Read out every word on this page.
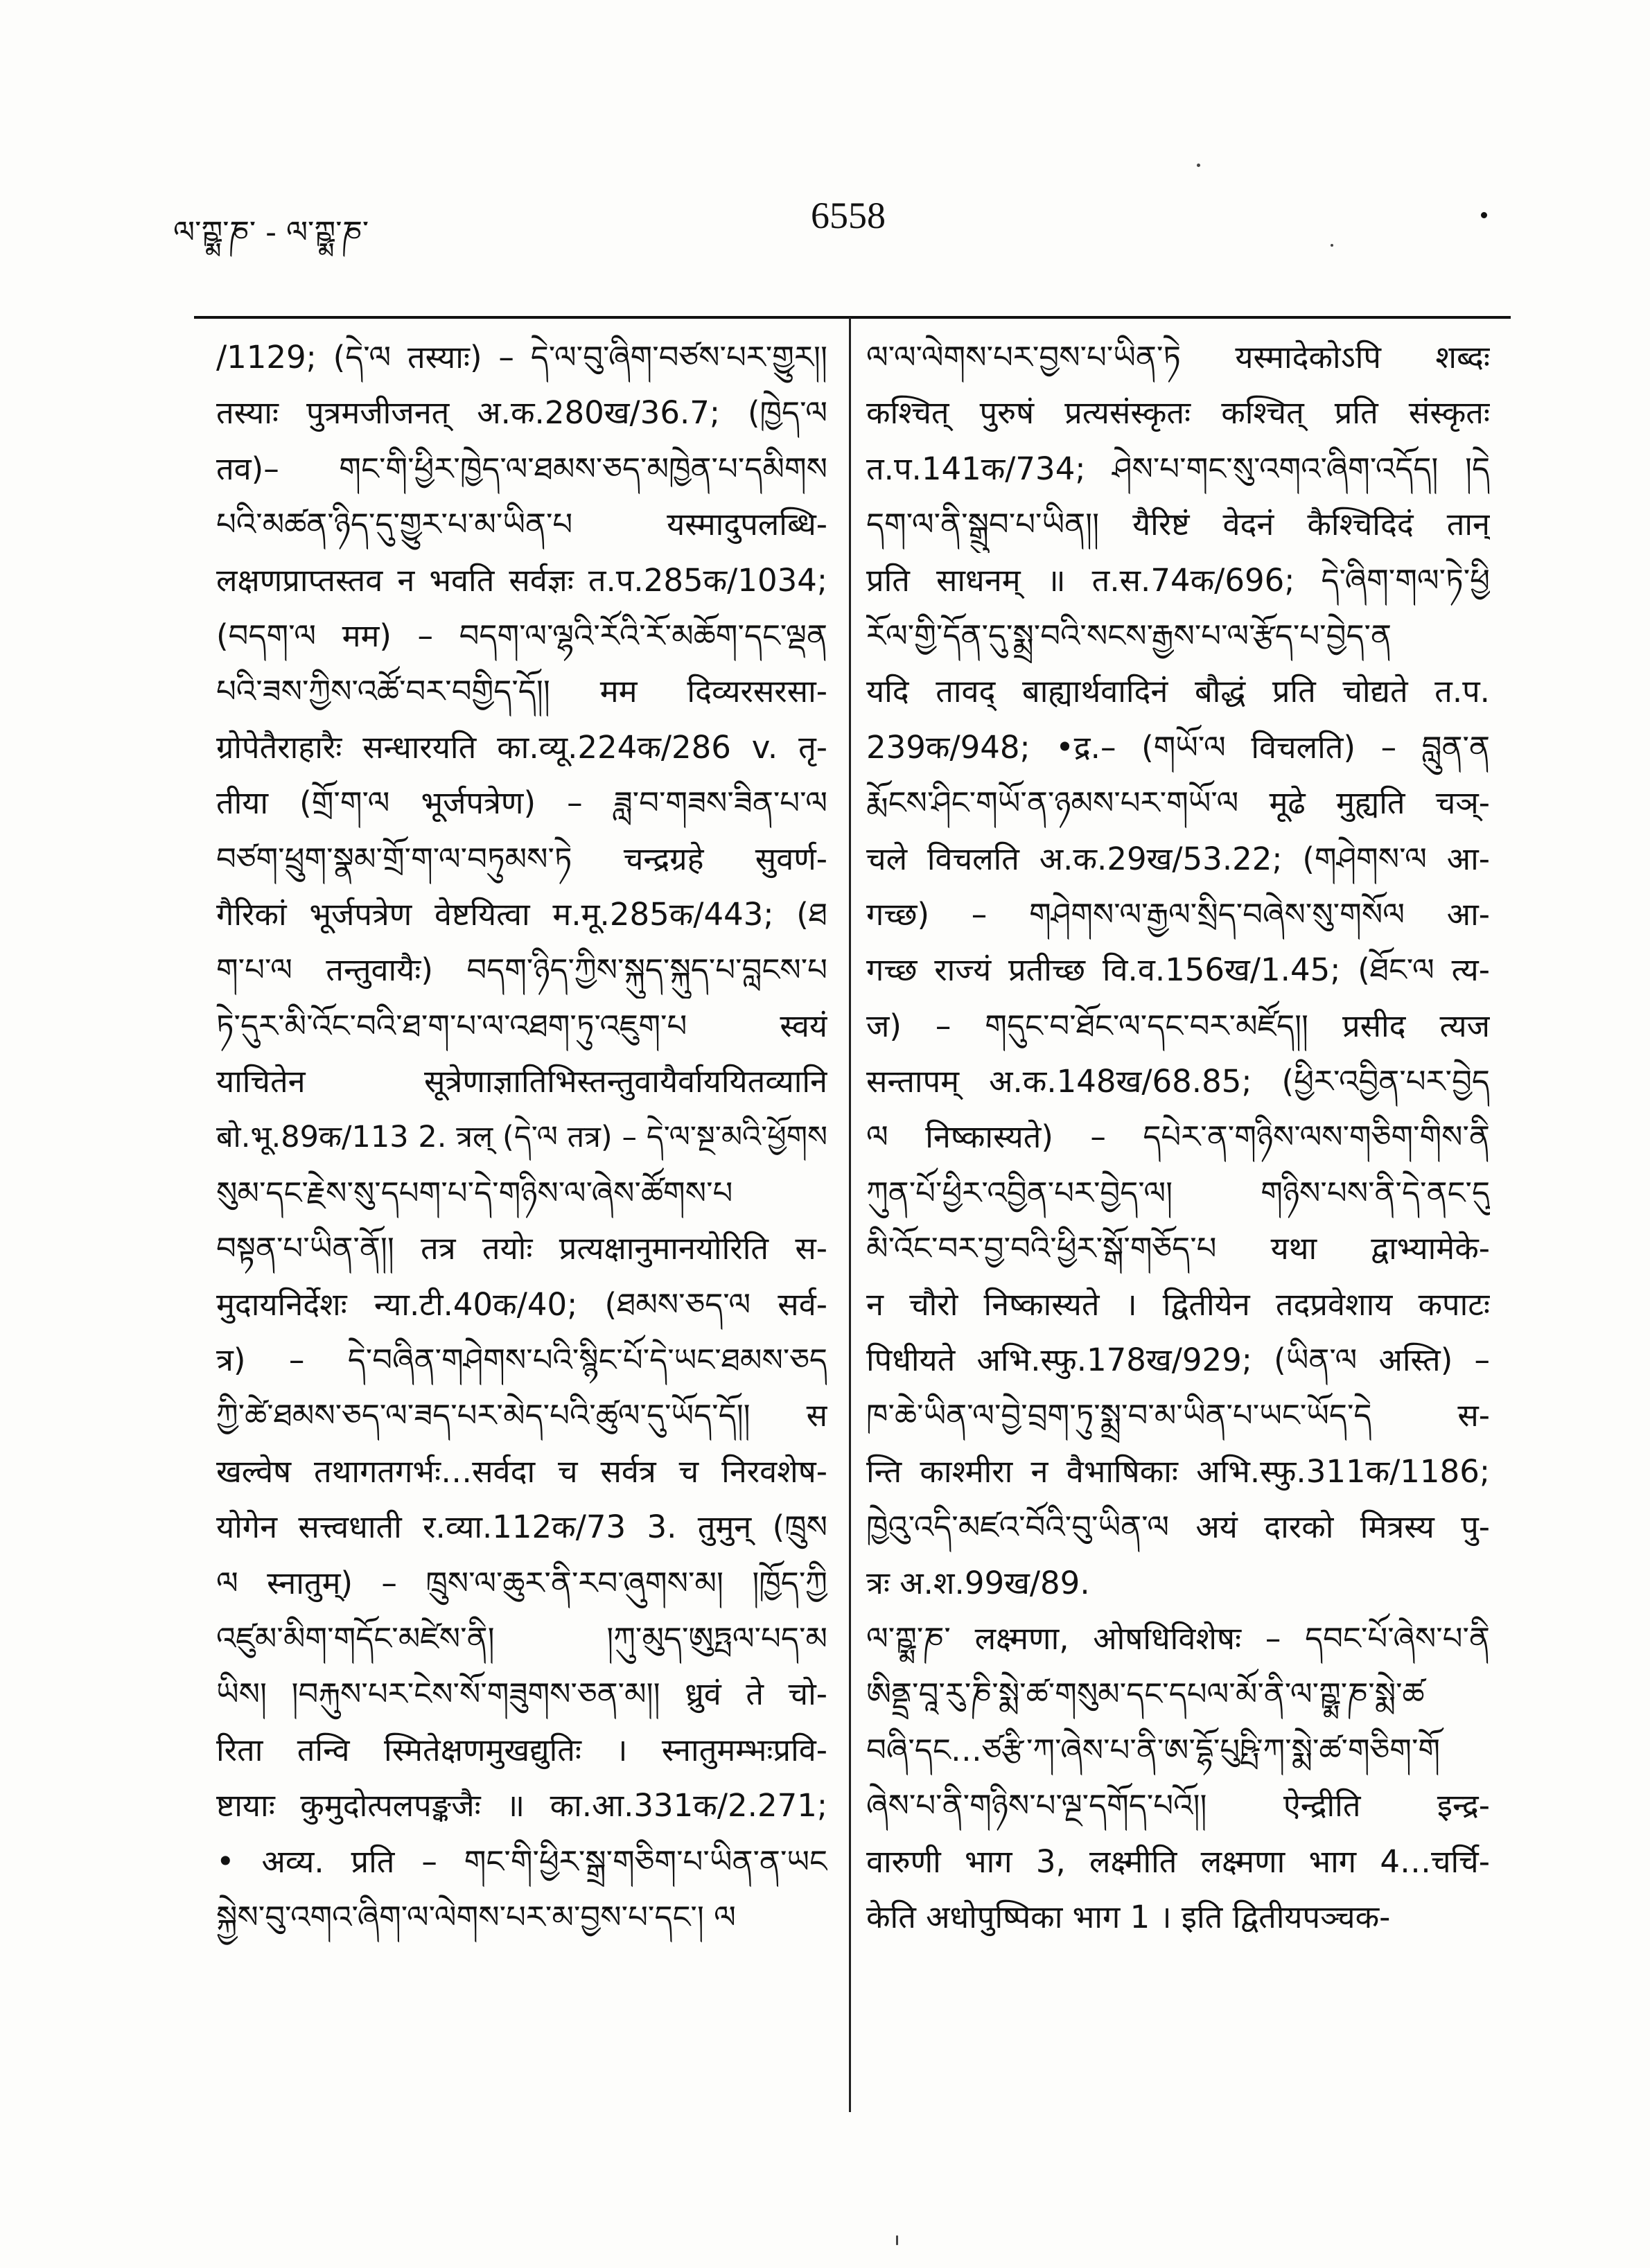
ལ་ཀྵྨ་ཎ་ - ལ་ཀྵྨ་ཎ་	6558
/1129; (དེ་ལ तस्याः) – དེ་ལ་བུ་ཞིག་བཙས་པར་གྱུར།།
तस्याः पुत्रमजीजनत् अ.क.280ख/36.7; (ཁྱེད་ལ
तव)– གང་གི་ཕྱིར་ཁྱེད་ལ་ཐམས་ཅད་མཁྱེན་པ་དམིགས
པའི་མཚན་ཉིད་དུ་གྱུར་པ་མ་ཡིན་པ यस्मादुपलब्धि-
लक्षणप्राप्तस्तव न भवति सर्वज्ञः त.प.285क/1034;
(བདག་ལ मम) – བདག་ལ་ལྷའི་རོའི་རོ་མཆོག་དང་ལྡན
པའི་ཟས་ཀྱིས་འཚོ་བར་བགྱིད་དོ།། मम दिव्यरसरसा-
ग्रोपेतैराहारैः सन्धारयति का.व्यू.224क/286 v. तृ-
तीया (གྲོ་ག་ལ भूर्जपत्रेण) – ཟླ་བ་གཟས་ཟིན་པ་ལ
བཙག་ཕྲུག་སྣམ་གྲོ་ག་ལ་བཏུམས་ཏེ चन्द्रग्रहे सुवर्ण-
गैरिकां भूर्जपत्रेण वेष्टयित्वा म.मू.285क/443; (ཐ
ག་པ་ལ तन्तुवायैः) བདག་ཉིད་ཀྱིས་སྐུད་སྐུད་པ་བླངས་པ
ཏེ་དུར་མི་འོང་བའི་ཐ་ག་པ་ལ་འཐག་ཏུ་འཇུག་པ स्वयं
याचितेन सूत्रेणाज्ञातिभिस्तन्तुवायैर्वाययितव्यानि
बो.भू.89क/113 2. त्रल् (དེ་ལ तत्र) – དེ་ལ་སྔ་མའི་ཕྱོགས
སུམ་དང་རྗེས་སུ་དཔག་པ་དེ་གཉིས་ལ་ཞེས་ཚོགས་པ
བསྟན་པ་ཡིན་ནོ།། तत्र तयोः प्रत्यक्षानुमानयोरिति स-
मुदायनिर्देशः न्या.टी.40क/40; (ཐམས་ཅད་ལ सर्व-
त्र) – དེ་བཞིན་གཤེགས་པའི་སྙིང་པོ་དེ་ཡང་ཐམས་ཅད
ཀྱི་ཚེ་ཐམས་ཅད་ལ་ཟད་པར་མེད་པའི་ཚུལ་དུ་ཡོད་དོ།། स
खल्वेष तथागतगर्भः…सर्वदा च सर्वत्र च निरवशेष-
योगेन सत्त्वधाती र.व्या.112क/73 3. तुमुन् (ཁྲུས
ལ स्नातुम्) – ཁྲུས་ལ་ཆུར་ནི་རབ་ཞུགས་མ། །ཁྱོད་ཀྱི
འཛུམ་མིག་གདོང་མཛེས་ནི། །ཀུ་མུད་ཨུཏྤལ་པད་མ
ཡིས། །བརྐུས་པར་ངེས་སོ་གཟུགས་ཅན་མ།། ध्रुवं ते चो-
रिता तन्वि स्मितेक्षणमुखद्युतिः । स्नातुमम्भःप्रवि-
ष्टायाः कुमुदोत्पलपङ्कजैः ॥ का.आ.331क/2.271;
• अव्य. प्रति – གང་གི་ཕྱིར་སྒྲ་གཅིག་པ་ཡིན་ན་ཡང
སྐྱེས་བུ་འགའ་ཞིག་ལ་ལེགས་པར་མ་བྱས་པ་དང་། ལ
ལ་ལ་ལེགས་པར་བྱས་པ་ཡིན་ཏེ यस्मादेकोऽपि शब्दः
कश्चित् पुरुषं प्रत्यसंस्कृतः कश्चित् प्रति संस्कृतः
त.प.141क/734; ཤེས་པ་གང་སུ་འགའ་ཞིག་འདོད། །དེ
དག་ལ་ནི་སྒྲུབ་པ་ཡིན།། यैरिष्टं वेदनं कैश्चिदिदं तान्
प्रति साधनम् ॥ त.स.74क/696; དེ་ཞིག་གལ་ཏེ་ཕྱི
རོལ་གྱི་དོན་དུ་སྨྲ་བའི་སངས་རྒྱས་པ་ལ་རྩོད་པ་བྱེད་ན
यदि तावद् बाह्यार्थवादिनं बौद्धं प्रति चोद्यते त.प.
239क/948; •द्र.– (གཡོ་ལ विचलति) – བླུན་ན
རྨོངས་ཤིང་གཡོ་ན་ཉམས་པར་གཡོ་ལ मूढे मुह्यति चञ्-
चले विचलति अ.क.29ख/53.22; (གཤེགས་ལ आ-
गच्छ) – གཤེགས་ལ་རྒྱལ་སྲིད་བཞེས་སུ་གསོལ आ-
गच्छ राज्यं प्रतीच्छ वि.व.156ख/1.45; (ཐོང་ལ त्य-
ज) – གདུང་བ་ཐོང་ལ་དང་བར་མཛོད།། प्रसीद त्यज
सन्तापम् अ.क.148ख/68.85; (ཕྱིར་འབྱིན་པར་བྱེད
ལ निष्कास्यते) – དཔེར་ན་གཉིས་ལས་གཅིག་གིས་ནི
ཀུན་པོ་ཕྱིར་འབྱིན་པར་བྱེད་ལ། གཉིས་པས་ནི་དེ་ནང་དུ
མི་འོང་བར་བྱ་བའི་ཕྱིར་སྒོ་གཅོད་པ यथा द्वाभ्यामेके-
न चौरो निष्कास्यते । द्वितीयेन तदप्रवेशाय कपाटः
पिधीयते अभि.स्फु.178ख/929; (ཡིན་ལ अस्ति) –
ཁ་ཆེ་ཡིན་ལ་བྱེ་བྲག་ཏུ་སྨྲ་བ་མ་ཡིན་པ་ཡང་ཡོད་དེ स-
न्ति काश्मीरा न वैभाषिकाः अभि.स्फु.311क/1186;
ཁྱེའུ་འདི་མཛའ་བོའི་བུ་ཡིན་ལ अयं दारको मित्रस्य पु-
त्रः अ.श.99ख/89.
ལ་ཀྵྨ་ཎ་ लक्ष्मणा, ओषधिविशेषः – དབང་པོ་ཞེས་པ་ནི
ཨིནྡྲ་བཱ་རུ་ཎི་སྨེ་ཚ་གསུམ་དང་དཔལ་མོ་ནི་ལ་ཀྵྨ་ཎ་སྨེ་ཚ
བཞི་དང…ཙརྩི་ཀ་ཞེས་པ་ནི་ཨ་དྷོ་པུཥྤི་ཀ་སྨེ་ཚ་གཅིག་གོ
ཞེས་པ་ནི་གཉིས་པ་ལྔ་དགོད་པའོ།། ऐन्द्रीति इन्द्र-
वारुणी भाग 3, लक्ष्मीति लक्ष्मणा भाग 4…चर्चि-
केति अधोपुष्पिका भाग 1 । इति द्वितीयपञ्चक-
